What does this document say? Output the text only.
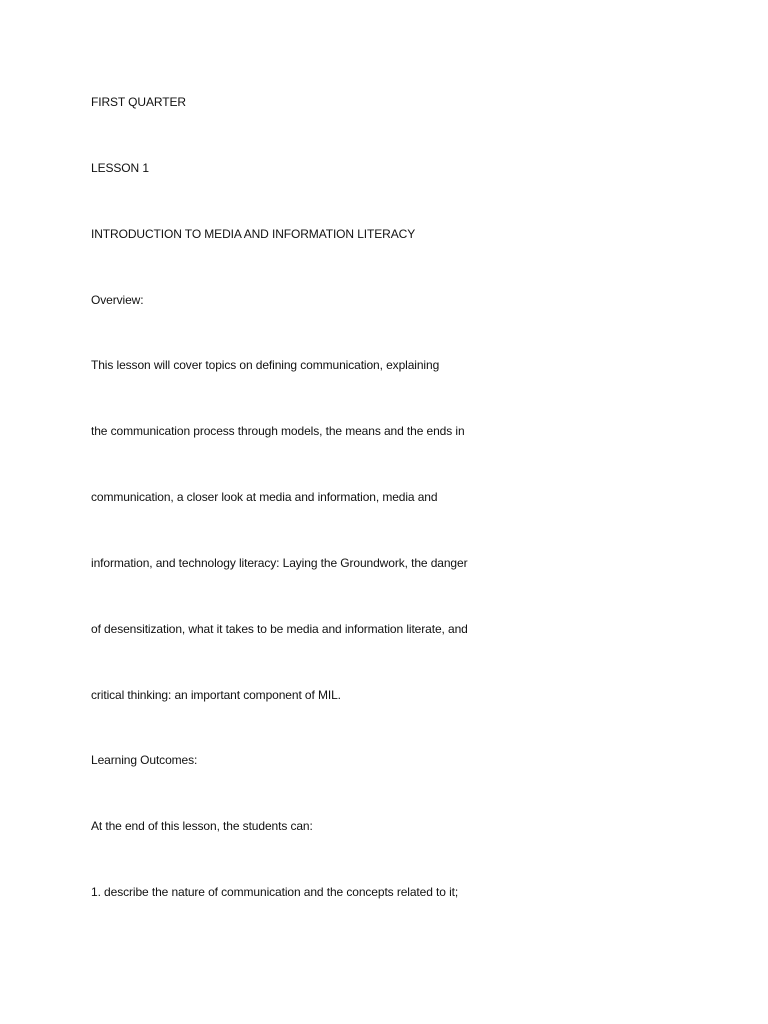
FIRST QUARTER
LESSON 1
INTRODUCTION TO MEDIA AND INFORMATION LITERACY
Overview:
This lesson will cover topics on defining communication, explaining
the communication process through models, the means and the ends in
communication, a closer look at media and information, media and
information, and technology literacy: Laying the Groundwork, the danger
of desensitization, what it takes to be media and information literate, and
critical thinking: an important component of MIL.
Learning Outcomes:
At the end of this lesson, the students can:
1. describe the nature of communication and the concepts related to it;
